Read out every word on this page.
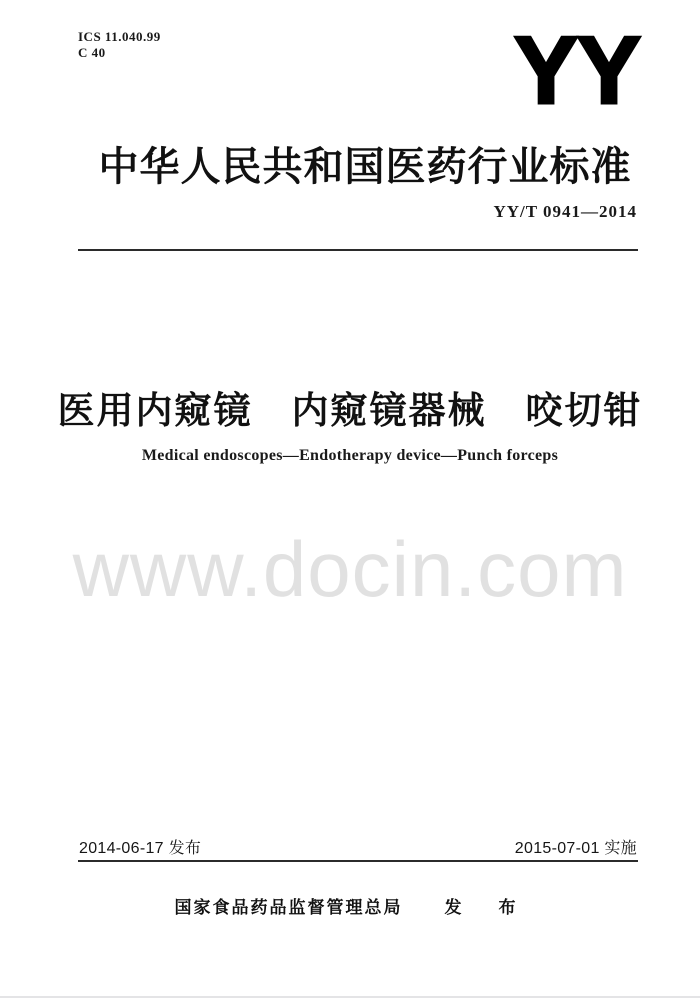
ICS 11.040.99
C 40	YY
中华人民共和国医药行业标准
YY/T 0941—2014
医用内窥镜　内窥镜器械　咬切钳
Medical endoscopes—Endotherapy device—Punch forceps
www.docin.com
2014-06-17 发布	2015-07-01 实施
国家食品药品监督管理总局 发　布
